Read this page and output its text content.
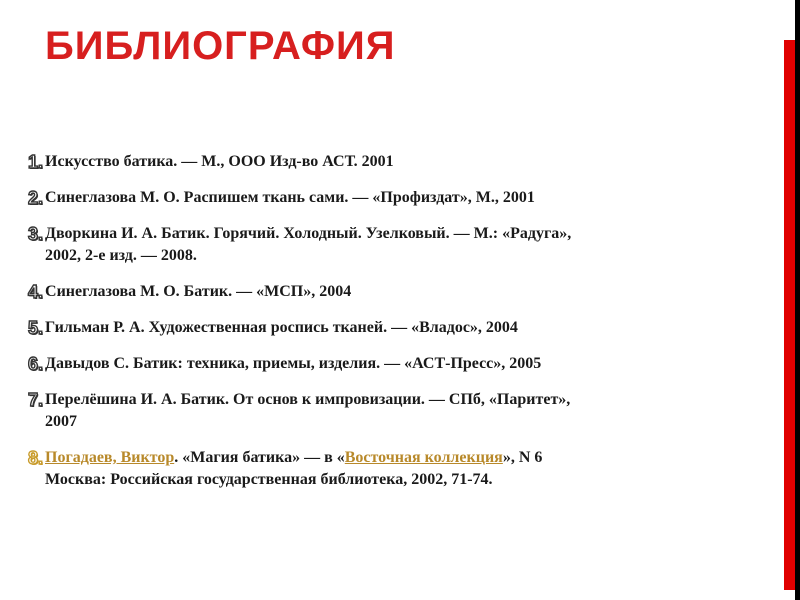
БИБЛИОГРАФИЯ
1. Искусство батика. — М., ООО Изд-во АСТ. 2001
2. Синеглазова М. О. Распишем ткань сами. — «Профиздат», М., 2001
3. Дворкина И. А. Батик. Горячий. Холодный. Узелковый. — М.: «Радуга»,
2002, 2-е изд. — 2008.
4. Синеглазова М. О. Батик. — «МСП», 2004
5. Гильман Р. А. Художественная роспись тканей. — «Владос», 2004
6. Давыдов С. Батик: техника, приемы, изделия. — «АСТ-Пресс», 2005
7. Перелёшина И. А. Батик. От основ к импровизации. — СПб, «Паритет»,
2007
8. Погадаев, Виктор. «Магия батика» — в «Восточная коллекция», N 6
Москва: Российская государственная библиотека, 2002, 71-74.
